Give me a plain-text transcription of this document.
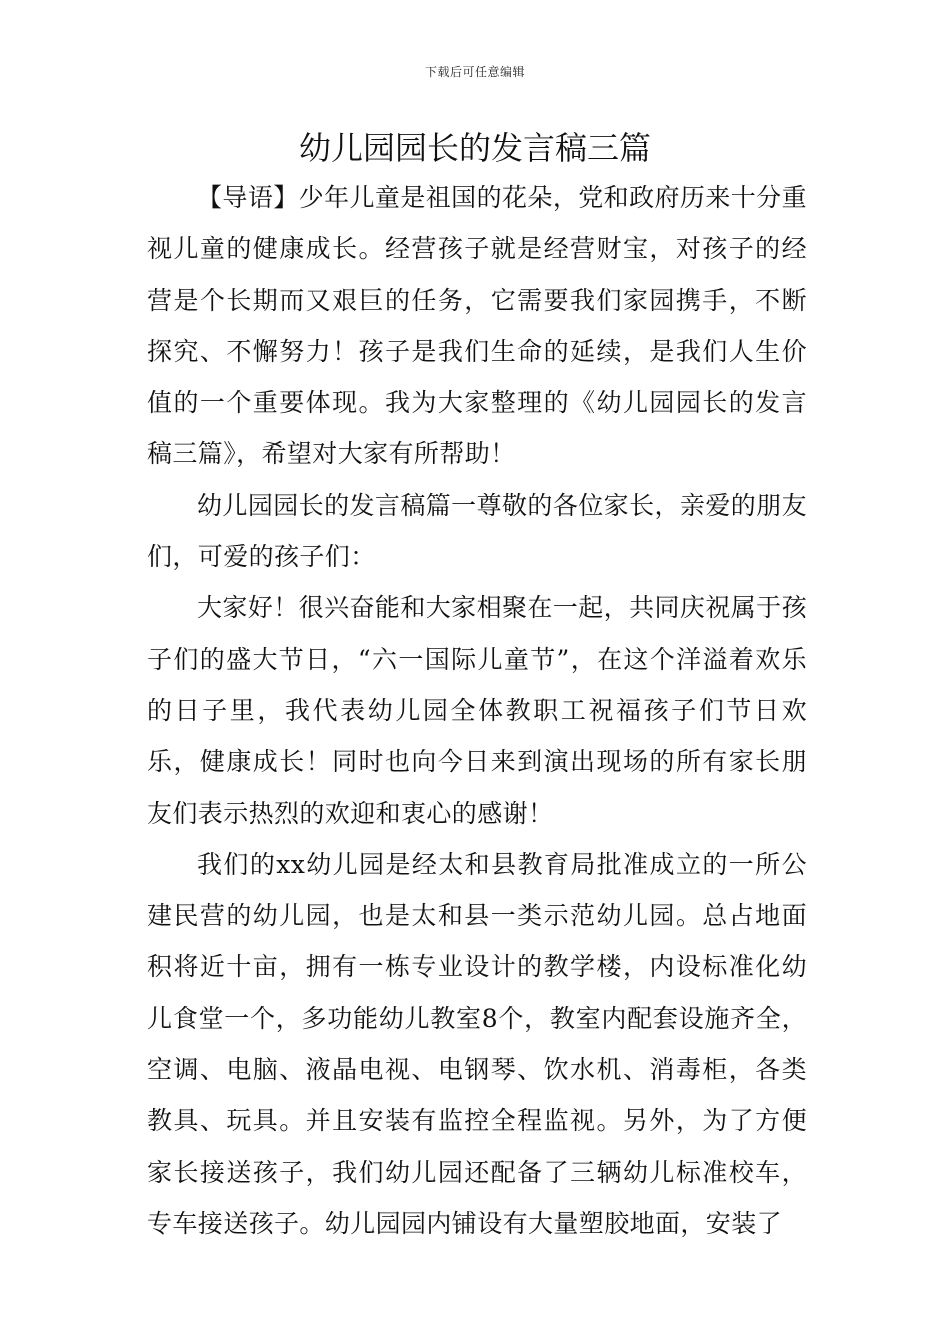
下载后可任意编辑
幼儿园园长的发言稿三篇

【导语】少年儿童是祖国的花朵，党和政府历来十分重视儿童的健康成长。经营孩子就是经营财宝，对孩子的经营是个长期而又艰巨的任务，它需要我们家园携手，不断探究、不懈努力！孩子是我们生命的延续，是我们人生价值的一个重要体现。我为大家整理的《幼儿园园长的发言稿三篇》，希望对大家有所帮助！

幼儿园园长的发言稿篇一尊敬的各位家长，亲爱的朋友们，可爱的孩子们：

大家好！很兴奋能和大家相聚在一起，共同庆祝属于孩子们的盛大节日，“六一国际儿童节”，在这个洋溢着欢乐的日子里，我代表幼儿园全体教职工祝福孩子们节日欢乐，健康成长！同时也向今日来到演出现场的所有家长朋友们表示热烈的欢迎和衷心的感谢！

我们的xx幼儿园是经太和县教育局批准成立的一所公建民营的幼儿园，也是太和县一类示范幼儿园。总占地面积将近十亩，拥有一栋专业设计的教学楼，内设标准化幼儿食堂一个，多功能幼儿教室8个，教室内配套设施齐全，空调、电脑、液晶电视、电钢琴、饮水机、消毒柜，各类教具、玩具。并且安装有监控全程监视。另外，为了方便家长接送孩子，我们幼儿园还配备了三辆幼儿标准校车，专车接送孩子。幼儿园园内铺设有大量塑胶地面，安装了
